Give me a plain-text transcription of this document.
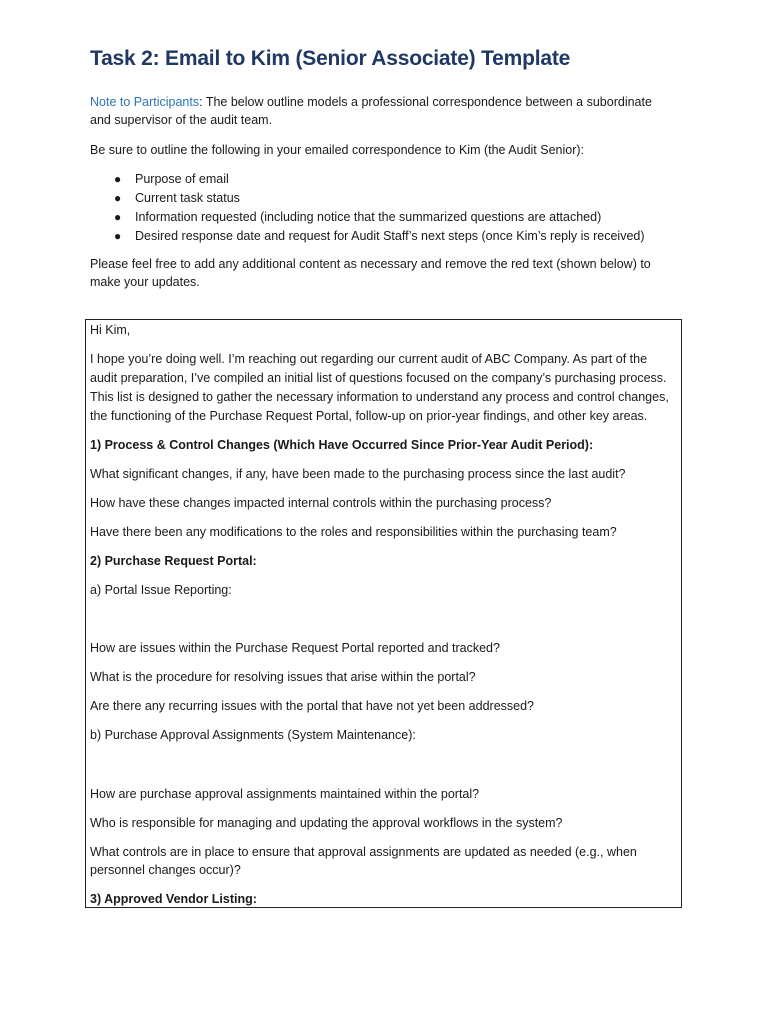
Task 2: Email to Kim (Senior Associate) Template
Note to Participants: The below outline models a professional correspondence between a subordinate
and supervisor of the audit team.
Be sure to outline the following in your emailed correspondence to Kim (the Audit Senior):
● Purpose of email
● Current task status
● Information requested (including notice that the summarized questions are attached)
● Desired response date and request for Audit Staff’s next steps (once Kim’s reply is received)
Please feel free to add any additional content as necessary and remove the red text (shown below) to
make your updates.
Hi Kim,
I hope you’re doing well. I’m reaching out regarding our current audit of ABC Company. As part of the
audit preparation, I’ve compiled an initial list of questions focused on the company’s purchasing process.
This list is designed to gather the necessary information to understand any process and control changes,
the functioning of the Purchase Request Portal, follow-up on prior-year findings, and other key areas.
1) Process & Control Changes (Which Have Occurred Since Prior-Year Audit Period):
What significant changes, if any, have been made to the purchasing process since the last audit?
How have these changes impacted internal controls within the purchasing process?
Have there been any modifications to the roles and responsibilities within the purchasing team?
2) Purchase Request Portal:
a) Portal Issue Reporting:
How are issues within the Purchase Request Portal reported and tracked?
What is the procedure for resolving issues that arise within the portal?
Are there any recurring issues with the portal that have not yet been addressed?
b) Purchase Approval Assignments (System Maintenance):
How are purchase approval assignments maintained within the portal?
Who is responsible for managing and updating the approval workflows in the system?
What controls are in place to ensure that approval assignments are updated as needed (e.g., when
personnel changes occur)?
3) Approved Vendor Listing:
